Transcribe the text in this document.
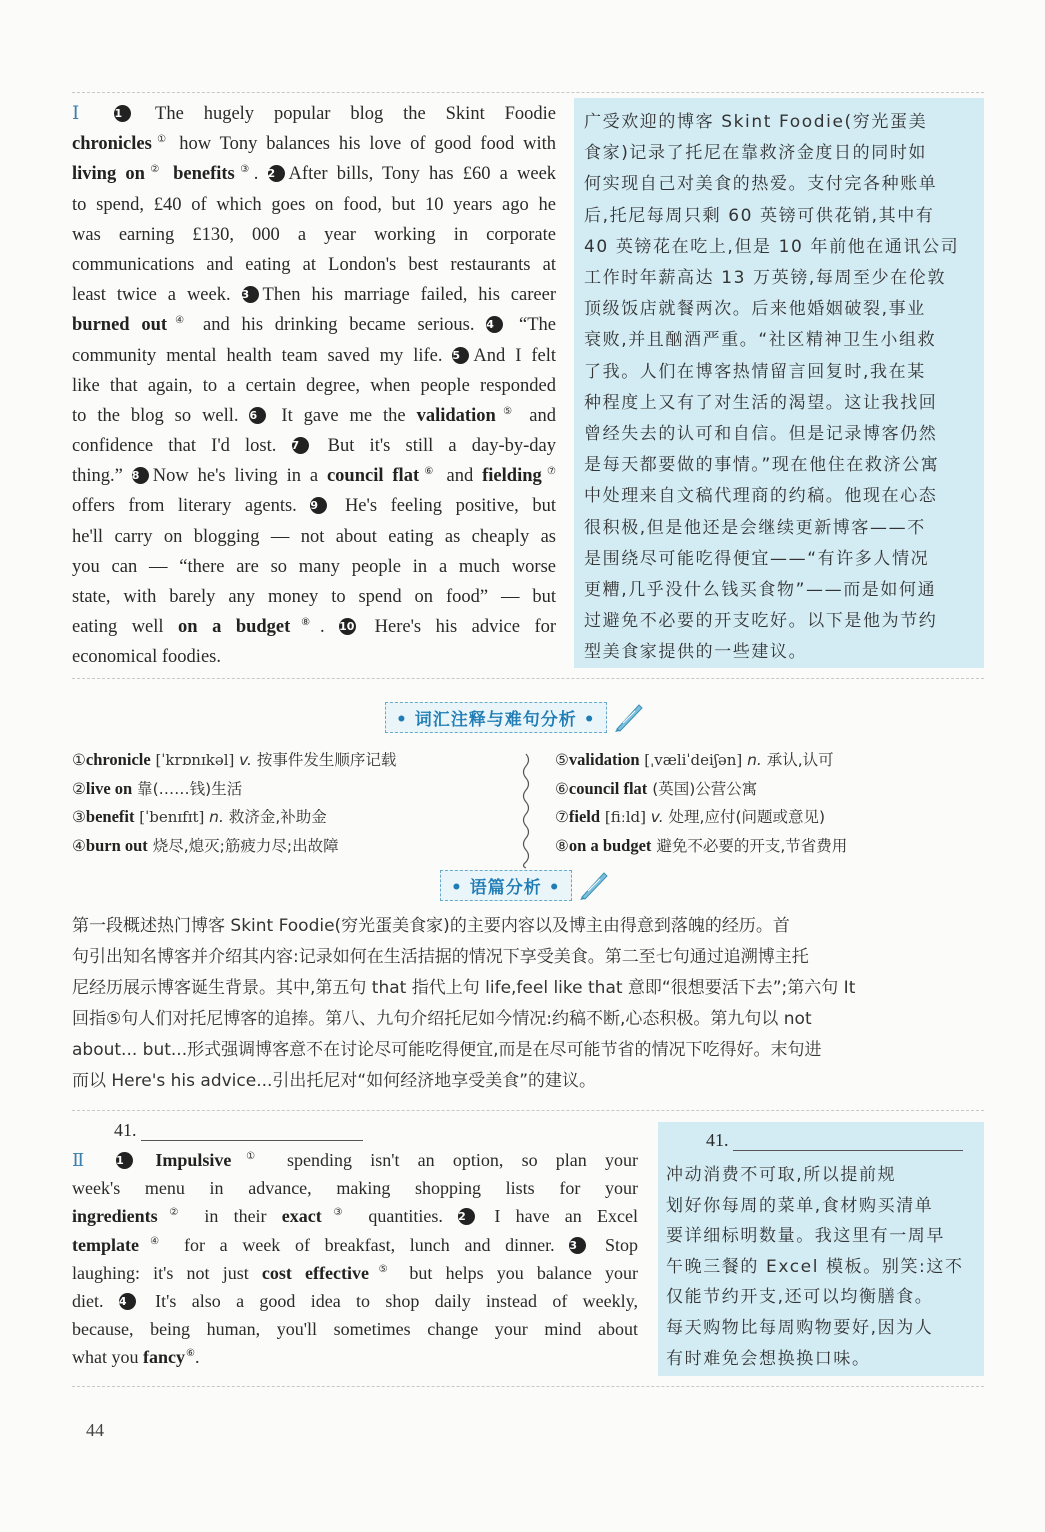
Ⅰ 1 The hugely popular blog the Skint Foodie
chronicles① how Tony balances his love of good food with
living on② benefits③. 2 After bills, Tony has £60 a week
to spend, £40 of which goes on food, but 10 years ago he
was earning £130, 000 a year working in corporate
communications and eating at London's best restaurants at
least twice a week. 3 Then his marriage failed, his career
burned out④ and his drinking became serious. 4 “The
community mental health team saved my life. 5 And I felt
like that again, to a certain degree, when people responded
to the blog so well. 6 It gave me the validation⑤ and
confidence that I'd lost. 7 But it's still a day-by-day
thing.” 8 Now he's living in a council flat⑥ and fielding⑦
offers from literary agents. 9 He's feeling positive, but
he'll carry on blogging — not about eating as cheaply as
you can — “there are so many people in a much worse
state, with barely any money to spend on food” — but
eating well on a budget⑧. 10 Here's his advice for
economical foodies.
广受欢迎的博客 Skint Foodie(穷光蛋美
食家)记录了托尼在靠救济金度日的同时如
何实现自己对美食的热爱。支付完各种账单
后,托尼每周只剩 60 英镑可供花销,其中有
40 英镑花在吃上,但是 10 年前他在通讯公司
工作时年薪高达 13 万英镑,每周至少在伦敦
顶级饭店就餐两次。后来他婚姻破裂,事业
衰败,并且酗酒严重。“社区精神卫生小组救
了我。人们在博客热情留言回复时,我在某
种程度上又有了对生活的渴望。这让我找回
曾经失去的认可和自信。但是记录博客仍然
是每天都要做的事情。”现在他住在救济公寓
中处理来自文稿代理商的约稿。他现在心态
很积极,但是他还是会继续更新博客——不
是围绕尽可能吃得便宜——“有许多人情况
更糟,几乎没什么钱买食物”——而是如何通
过避免不必要的开支吃好。以下是他为节约
型美食家提供的一些建议。
• 词汇注释与难句分析 •
①chronicle [ˈkrɒnɪkəl] v. 按事件发生顺序记载
②live on 靠(……钱)生活
③benefit [ˈbenɪfɪt] n. 救济金,补助金
④burn out 烧尽,熄灭;筋疲力尽;出故障
⑤validation [ˌvæliˈdeiʃən] n. 承认,认可
⑥council flat (英国)公营公寓
⑦field [fiːld] v. 处理,应付(问题或意见)
⑧on a budget 避免不必要的开支,节省费用
• 语篇分析 •
第一段概述热门博客 Skint Foodie(穷光蛋美食家)的主要内容以及博主由得意到落魄的经历。首
句引出知名博客并介绍其内容:记录如何在生活拮据的情况下享受美食。第二至七句通过追溯博主托
尼经历展示博客诞生背景。其中,第五句 that 指代上句 life,feel like that 意即“很想要活下去”;第六句 It
回指⑤句人们对托尼博客的追捧。第八、九句介绍托尼如今情况:约稿不断,心态积极。第九句以 not
about... but...形式强调博客意不在讨论尽可能吃得便宜,而是在尽可能节省的情况下吃得好。末句进
而以 Here's his advice...引出托尼对“如何经济地享受美食”的建议。
41.
Ⅱ 1 Impulsive① spending isn't an option, so plan your
week's menu in advance, making shopping lists for your
ingredients② in their exact③ quantities. 2 I have an Excel
template④ for a week of breakfast, lunch and dinner. 3 Stop
laughing: it's not just cost effective⑤ but helps you balance your
diet. 4 It's also a good idea to shop daily instead of weekly,
because, being human, you'll sometimes change your mind about
what you fancy⑥.
41.
冲动消费不可取,所以提前规
划好你每周的菜单,食材购买清单
要详细标明数量。我这里有一周早
午晚三餐的 Excel 模板。别笑:这不
仅能节约开支,还可以均衡膳食。
每天购物比每周购物要好,因为人
有时难免会想换换口味。
44
